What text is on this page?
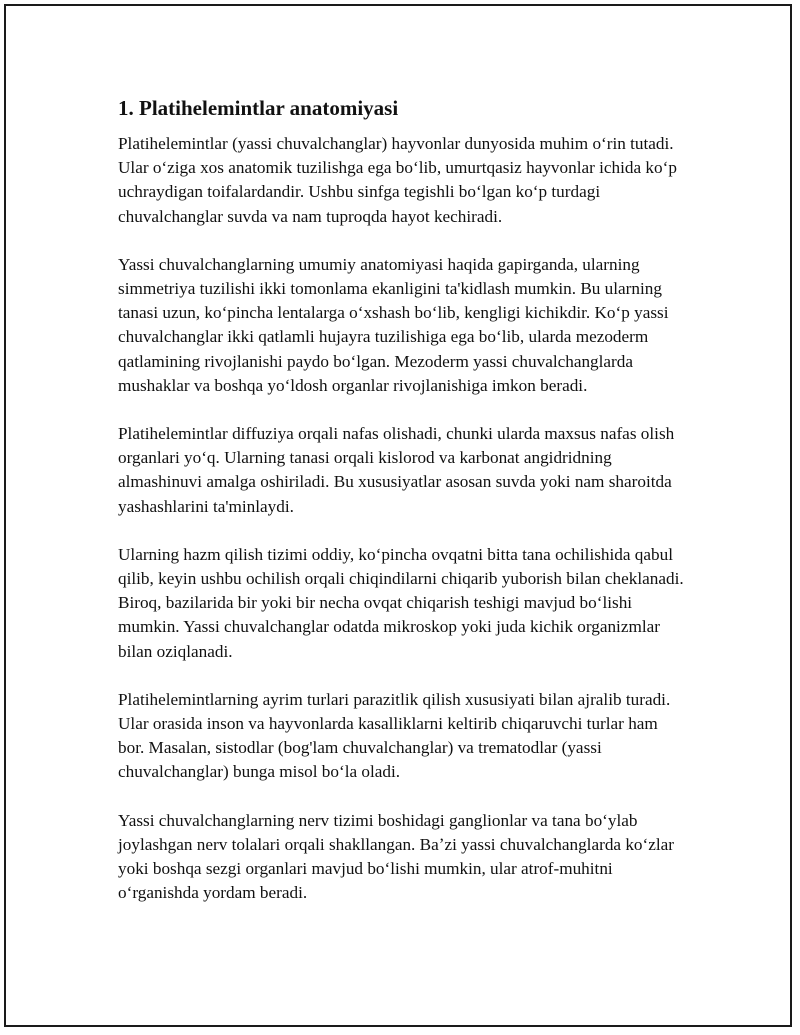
1. Platihelemintlar anatomiyasi

Platihelemintlar (yassi chuvalchanglar) hayvonlar dunyosida muhim oʻrin tutadi. Ular oʻziga xos anatomik tuzilishga ega boʻlib, umurtqasiz hayvonlar ichida koʻp uchraydigan toifalardandir. Ushbu sinfga tegishli boʻlgan koʻp turdagi chuvalchanglar suvda va nam tuproqda hayot kechiradi.

Yassi chuvalchanglarning umumiy anatomiyasi haqida gapirganda, ularning simmetriya tuzilishi ikki tomonlama ekanligini ta'kidlash mumkin. Bu ularning tanasi uzun, koʻpincha lentalarga oʻxshash boʻlib, kengligi kichikdir. Koʻp yassi chuvalchanglar ikki qatlamli hujayra tuzilishiga ega boʻlib, ularda mezoderm qatlamining rivojlanishi paydo boʻlgan. Mezoderm yassi chuvalchanglarda mushaklar va boshqa yoʻldosh organlar rivojlanishiga imkon beradi.

Platihelemintlar diffuziya orqali nafas olishadi, chunki ularda maxsus nafas olish organlari yoʻq. Ularning tanasi orqali kislorod va karbonat angidridning almashinuvi amalga oshiriladi. Bu xususiyatlar asosan suvda yoki nam sharoitda yashashlarini ta'minlaydi.

Ularning hazm qilish tizimi oddiy, koʻpincha ovqatni bitta tana ochilishida qabul qilib, keyin ushbu ochilish orqali chiqindilarni chiqarib yuborish bilan cheklanadi. Biroq, bazilarida bir yoki bir necha ovqat chiqarish teshigi mavjud boʻlishi mumkin. Yassi chuvalchanglar odatda mikroskop yoki juda kichik organizmlar bilan oziqlanadi.

Platihelemintlarning ayrim turlari parazitlik qilish xususiyati bilan ajralib turadi. Ular orasida inson va hayvonlarda kasalliklarni keltirib chiqaruvchi turlar ham bor. Masalan, sistodlar (bog'lam chuvalchanglar) va trematodlar (yassi chuvalchanglar) bunga misol boʻla oladi.

Yassi chuvalchanglarning nerv tizimi boshidagi ganglionlar va tana boʻylab joylashgan nerv tolalari orqali shakllangan. Baʼzi yassi chuvalchanglarda koʻzlar yoki boshqa sezgi organlari mavjud boʻlishi mumkin, ular atrof-muhitni oʻrganishda yordam beradi.
